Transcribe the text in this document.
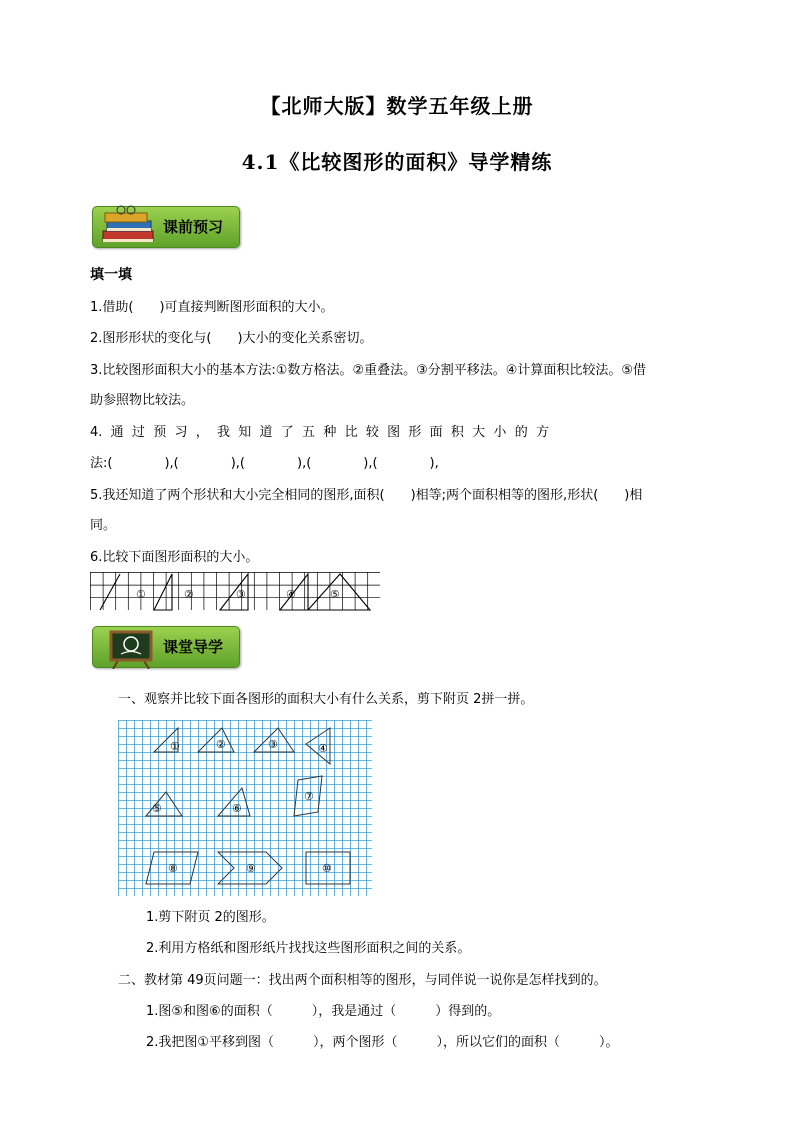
【北师大版】数学五年级上册
4.1《比较图形的面积》导学精练
课前预习
填一填
1.借助(　　)可直接判断图形面积的大小。
2.图形形状的变化与(　　)大小的变化关系密切。
3.比较图形面积大小的基本方法:①数方格法。②重叠法。③分割平移法。④计算面积比较法。⑤借
助参照物比较法。
4.  通  过  预  习  ，  我  知  道  了  五  种  比  较  图  形  面  积  大  小  的  方
法:(　　　　),(　　　　),(　　　　),(　　　　),(　　　　),
5.我还知道了两个形状和大小完全相同的图形,面积(　　)相等;两个面积相等的图形,形状(　　)相
同。
6.比较下面图形面积的大小。
①	②	③	④	⑤
课堂导学
一、观察并比较下面各图形的面积大小有什么关系，剪下附页 2拼一拼。
①	②	③	④
⑤	⑥
⑦
⑧	⑨	⑩
1.剪下附页 2的图形。
2.利用方格纸和图形纸片找找这些图形面积之间的关系。
二、教材第 49页问题一：找出两个面积相等的图形，与同伴说一说你是怎样找到的。
1.图⑤和图⑥的面积（　　　），我是通过（　　　）得到的。
2.我把图①平移到图（　　　），两个图形（　　　），所以它们的面积（　　　）。
